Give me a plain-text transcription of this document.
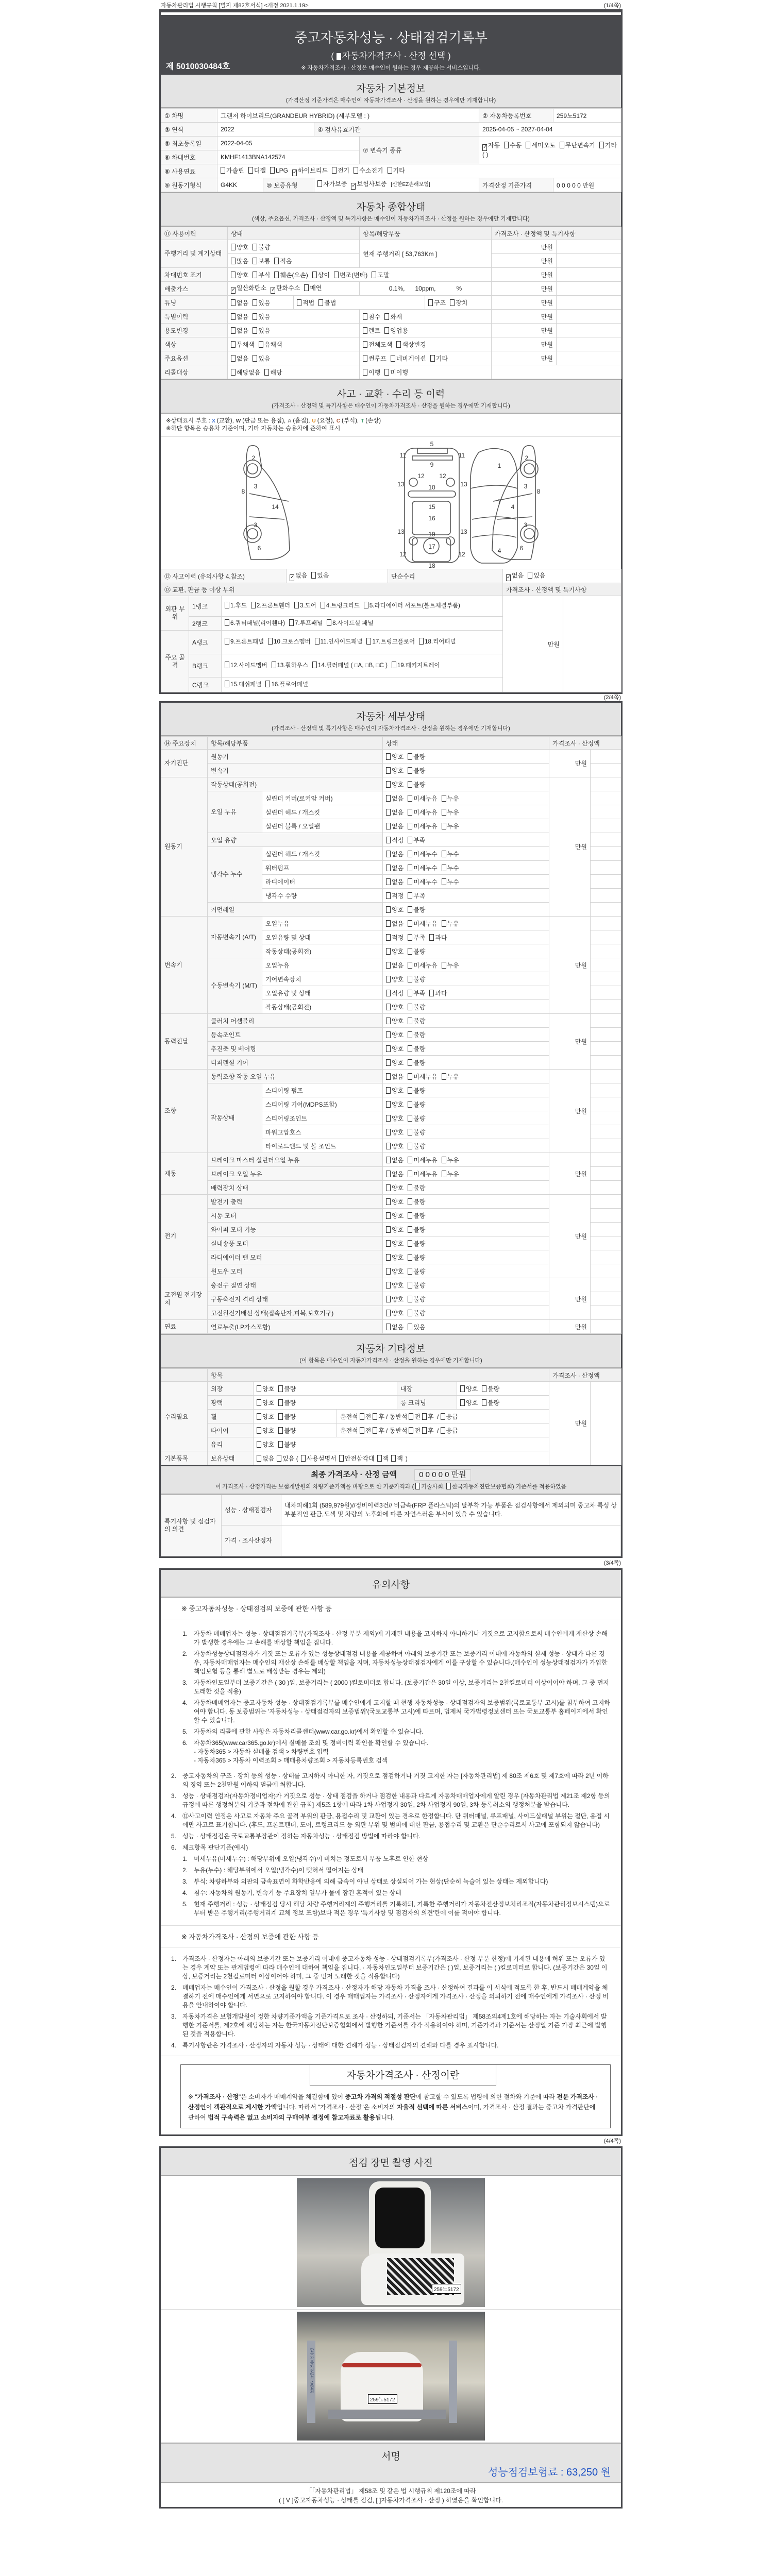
자동차관리법 시행규칙 [별지 제82호서식] <개정 2021.1.19>	(1/4쪽)
중고자동차성능 · 상태점검기록부
( 자동차가격조사 · 산정 선택 )
※ 자동차가격조사 · 산정은 매수인이 원하는 경우 제공하는 서비스입니다.
제 5010030484호
자동차 기본정보
(가격산정 기준가격은 매수인이 자동차가격조사 · 산정을 원하는 경우에만 기재합니다)
① 차명	그랜저 하이브리드(GRANDEUR HYBRID) (세부모델 : )				② 자동차등록번호	259노5172
③ 연식	2022		④ 검사유효기간		2025-04-05 ~ 2027-04-04	
⑤ 최초등록일	2022-04-05			⑦ 변속기 종류	✓자동 수동 세미오토 무단변속기 기타( )
⑥ 차대번호	KMHF1413BNA142574					
⑧ 사용연료	가솔린 디젤 LPG ✓ 하이브리드 전기 수소전기 기타
⑨ 원동기형식	G4KK	⑩ 보증유형	자가보증 ✓ 보험사보증 [신한EZ손해보험]		가격산정 기준가격	0 0 0 0 0 만원
자동차 종합상태
(색상, 주요옵션, 가격조사 · 산정액 및 특기사항은 매수인이 자동차가격조사 · 산정을 원하는 경우에만 기재합니다)
⑪ 사용이력	상태		항목/해당부품		가격조사 · 산정액 및 특기사항	
주행거리 및 계기상태	양호 불량		현재 주행거리 [ 53,763Km ]		만원	
	많음 보통 적음				만원	
차대번호 표기	양호 부식 훼손(오손) 상이 변조(변타) 도말				만원	
배출가스	✓일산화탄소 ✓ 탄화수소 매연		0.1%,      10ppm,            %		만원	
튜닝	없음 있음	적법 불법		구조 장치	만원	
특별이력	없음 있음		침수 화재		만원	
용도변경	없음 있음		렌트 영업용		만원	
색상	무채색 유채색		전체도색 색상변경		만원	
주요옵션	없음 있음		썬루프 네비게이션 기타		만원	
리콜대상	해당없음 해당		이행 미이행			
사고 · 교환 · 수리 등 이력
(가격조사 · 산정액 및 특기사항은 매수인이 자동차가격조사 · 산정을 원하는 경우에만 기재합니다)
※상태표시 부호 : X (교환), W (판금 또는 용접), A (흠집), U (요철), C (부식), T (손상)
※하단 항목은 승용차 기준이며, 기타 자동차는 승용차에 준하여 표시
1
2	2
3
3
3
3
4
4
5
6	6
7
8	8
9
10
11	11
12 12
12	12
13	13
13	13
14	15
16
17
18
19
⑫ 사고이력 (유의사항 4.참조)	✓없음 있음	단순수리	✓없음 있음
⑬ 교환, 판금 등 이상 부위					가격조사 · 산정액 및 특기사항	
외판 부위	1랭크	1.후드 2.프론트휀더 3.도어 4.트렁크리드 5.라디에이터 서포트(볼트체결부품)			만원	
	2랭크	6.쿼터패널(리어휀다) 7.루프패널 8.사이드실 패널				
주요 골격	A랭크	9.프론트패널 10.크로스멤버 11.인사이드패널 17.트렁크플로어 18.리어패널				
	B랭크	12.사이드멤버 13.휠하우스 14.필러패널 ( □A, □B, □C ) 19.패키지트레이				
	C랭크	15.대쉬패널 16.플로어패널				
(2/4쪽)
자동차 세부상태
(가격조사 · 산정액 및 특기사항은 매수인이 자동차가격조사 · 산정을 원하는 경우에만 기재합니다)
⑭ 주요장치	항목/해당부품		상태	가격조사 · 산정액	
자기진단	원동기		양호 불량	만원	
	변속기		양호 불량		
원동기	작동상태(공회전)		양호 불량	만원	
	오일 누유	실린더 커버(로커암 커버)	없음 미세누유 누유		
		실린더 헤드 / 개스킷	없음 미세누유 누유		
		실린더 블록 / 오일팬	없음 미세누유 누유		
	오일 유량		적정 부족		
	냉각수 누수	실린더 헤드 / 개스킷	없음 미세누수 누수		
		워터펌프	없음 미세누수 누수		
		라디에이터	없음 미세누수 누수		
		냉각수 수량	적정 부족		
	커먼레일		양호 불량		
변속기	자동변속기 (A/T)	오일누유	없음 미세누유 누유	만원	
		오일유량 및 상태	적정 부족 과다		
		작동상태(공회전)	양호 불량		
	수동변속기 (M/T)	오일누유	없음 미세누유 누유		
		기어변속장치	양호 불량		
		오일유량 및 상태	적정 부족 과다		
		작동상태(공회전)	양호 불량		
동력전달	클러치 어셈블리		양호 불량	만원	
	등속조인트		양호 불량		
	추진축 및 베어링		양호 불량		
	디퍼렌셜 기어		양호 불량		
조향	동력조향 작동 오일 누유		없음 미세누유 누유	만원	
	작동상태	스티어링 펌프	양호 불량		
		스티어링 기어(MDPS포함)	양호 불량		
		스티어링조인트	양호 불량		
		파워고압호스	양호 불량		
		타이로드엔드 및 볼 조인트	양호 불량		
제동	브레이크 마스터 실린더오일 누유		없음 미세누유 누유	만원	
	브레이크 오일 누유		없음 미세누유 누유		
	배력장치 상태		양호 불량		
전기	발전기 출력		양호 불량	만원	
	시동 모터		양호 불량		
	와이퍼 모터 기능		양호 불량		
	실내송풍 모터		양호 불량		
	라디에이터 팬 모터		양호 불량		
	윈도우 모터		양호 불량		
고전원 전기장치	충전구 절연 상태		양호 불량	만원	
	구동축전지 격리 상태		양호 불량		
	고전원전기배선 상태(접속단자,피복,보호기구)		양호 불량		
연료	연료누출(LP가스포함)		없음 있음	만원	
자동차 기타정보
(이 항목은 매수인이 자동차가격조사 · 산정을 원하는 경우에만 기재합니다)
	항목					가격조사 · 산정액	
수리필요	외장	양호 불량		내장	양호 불량	만원	
	광택	양호 불량		룸 크리닝	양호 불량		
	휠	양호 불량	운전석 전 후 / 동반석 전 후 / 응급				
	타이어	양호 불량	운전석 전 후 / 동반석 전 후 / 응급				
	유리	양호 불량					
기본품목	보유상태	없음 있음 ( 사용설명서 안전삼각대 잭 잭 )					
최종 가격조사 · 산정 금액	0 0 0 0 0 만원
이 가격조사 · 산정가격은 보험개발원의 차량기준가액을 바탕으로 한 기준가격과 ( 기술사회, 한국자동차진단보증협회) 기준서를 적용하였음
특기사항 및 점검자의 의견	성능 · 상태점검자	내차피해1회 (589,979원)//정비이력3건// 비금속(FRP 플라스틱)의 탈부착 가능 부품은 점검사항에서 제외되며 중고차 특성 상 부분적인 판금,도색 및 차량의 노후화에 따른 자연스러운 부식이 있을 수 있습니다.
	가격 · 조사산정자	
(3/4쪽)
유의사항
※ 중고자동차성능 · 상태점검의 보증에 관한 사항 등
1. 자동차 매매업자는 성능 · 상태점검기록부(가격조사 · 산정 부분 제외)에 기재된 내용을 고지하지 아니하거나 거짓으로 고지함으로써 매수인에게 재산상 손해가 발생한 경우에는 그 손해를 배상할 책임을 집니다.
2. 자동차성능상태점검자가 거짓 또는 오류가 있는 성능상태점검 내용을 제공하여 아래의 보증기간 또는 보증거리 이내에 자동차의 실제 성능 · 상태가 다른 경우, 자동차매매업자는 매수인의 재산상 손해를 배상할 책임을 지며, 자동차성능상태점검자에게 이를 구상할 수 있습니다.(매수인이 성능상태점검자가 가입한 책임보험 등을 통해 별도로 배상받는 경우는 제외)
3. 자동차인도일부터 보증기간은 ( 30 )일, 보증거리는 ( 2000 )킬로미터로 합니다. (보증기간은 30일 이상, 보증거리는 2천킬로미터 이상이어야 하며, 그 중 먼저 도래한 것을 적용)
4. 자동차매매업자는 중고자동차 성능 · 상태점검기록부를 매수인에게 고지할 때 현행 자동차성능 · 상태점검자의 보증범위(국토교통부 고시)를 첨부하여 고지하여야 합니다. 동 보증범위는 '자동차성능 · 상태점검자의 보증범위'(국토교통부 고시)에 따르며, 법제처 국가법령정보센터 또는 국토교통부 홈페이지에서 확인할 수 있습니다.
5. 자동차의 리콜에 관한 사항은 자동차리콜센터(www.car.go.kr)에서 확인할 수 있습니다.
6. 자동차365(www.car365.go.kr)에서 실매물 조회 및 정비이력 확인을 확인할 수 있습니다.
- 자동차365 > 자동차 실매물 검색 > 차량번호 입력
- 자동차365 > 자동차 이력조회 > 매매용차량조회 > 자동차등록번호 검색
2. 중고자동차의 구조 · 장치 등의 성능 · 상태를 고지하지 아니한 자, 거짓으로 점검하거나 거짓 고지한 자는 [자동차관리법] 제 80조 제6호 및 제7호에 따라 2년 이하의 징역 또는 2천만원 이하의 벌금에 처합니다.
3. 성능 · 상태점검자(자동차정비업자)가 거짓으로 성능 · 상태 점검을 하거나 점검한 내용과 다르게 자동차매매업자에게 알린 경우 [자동차관리법 제21조 제2항 등의 규정에 따른 행정처분의 기준과 절차에 관한 규칙] 제5조 1항에 따라 1차 사업정지 30일, 2차 사업정지 90일, 3차 등록취소의 행정처분을 받습니다.
4. ⑫사고이력 인정은 사고로 자동차 주요 골격 부위의 판금, 용접수리 및 교환이 있는 경우로 한정합니다. 단 쿼터패널, 루프패널, 사이드실패널 부위는 절단, 용접 시에만 사고로 표기합니다. (후드, 프론트펜더, 도어, 트렁크리드 등 외판 부위 및 범퍼에 대한 판금, 용접수리 및 교환은 단순수리로서 사고에 포함되지 않습니다)
5. 성능 · 상태점검은 국토교통부장관이 정하는 자동차성능 · 상태점검 방법에 따라야 합니다.
6. 체크항목 판단기준(예시)
1. 미세누유(미세누수) : 해당부위에 오일(냉각수)이 비치는 정도로서 부품 노후로 인한 현상
2. 누유(누수) : 해당부위에서 오일(냉각수)이 맺혀서 떨어지는 상태
3. 부식: 차량하부와 외판의 금속표면이 화학반응에 의해 금속이 아닌 상태로 상실되어 가는 현상(단순히 녹슬어 있는 상태는 제외합니다)
4. 침수: 자동차의 원동기, 변속기 등 주요장치 일부가 물에 잠긴 흔적이 있는 상태
5. 현재 주행거리 : 성능 · 상태점검 당시 해당 차량 주행거리계의 주행거리를 기록하되, 기록한 주행거리가 자동차전산정보처리조직(자동차관리정보시스템)으로부터 받은 주행거리(주행거리계 교체 정보 포함)보다 적은 경우 '특기사항 및 점검자의 의견'란에 이를 적어야 합니다.
※ 자동차가격조사 · 산정의 보증에 관한 사항 등
1. 가격조사 · 산정자는 아래의 보증기간 또는 보증거리 이내에 중고자동차 성능 · 상태점검기록부(가격조사 · 산정 부분 한정)에 기재된 내용에 허위 또는 오류가 있는 경우 계약 또는 관계법령에 따라 매수인에 대하여 책임을 집니다. · 자동차인도일부터 보증기간은 ( )일, 보증거리는 ( )킬로미터로 합니다. (보증기간은 30일 이상, 보증거리는 2천킬로미터 이상이어야 하며, 그 중 먼저 도래한 것을 적용합니다)
2. 매매업자는 매수인이 가격조사 · 산정을 원할 경우 가격조사 · 산정자가 해당 자동차 가격을 조사 · 산정하여 결과를 이 서식에 적도록 한 후, 반드시 매매계약을 체결하기 전에 매수인에게 서면으로 고지하여야 합니다. 이 경우 매매업자는 가격조사 · 산정자에게 가격조사 · 산정을 의뢰하기 전에 매수인에게 가격조사 · 산정 비용을 안내하여야 합니다.
3. 자동차가격은 보험개발원이 정한 차량기준가액을 기준가격으로 조사 · 산정하되, 기준서는 「자동차관리법」 제58조의4제1호에 해당하는 자는 기술사회에서 발행한 기준서를, 제2호에 해당하는 자는 한국자동차진단보증협회에서 발행한 기준서를 각각 적용하여야 하며, 기준가격과 기준서는 산정일 기준 가장 최근에 발행된 것을 적용합니다.
4. 특기사항란은 가격조사 · 산정자의 자동차 성능 · 상태에 대한 견해가 성능 · 상태점검자의 견해와 다를 경우 표시합니다.
자동차가격조사 · 산정이란
※ "가격조사 · 산정"은 소비자가 매매계약을 체결함에 있어 중고차 가격의 적절성 판단에 참고할 수 있도록 법령에 의한 절차와 기준에 따라 전문 가격조사 · 산정인이 객관적으로 제시한 가액입니다. 따라서 "가격조사 · 산정"은 소비자의 자율적 선택에 따른 서비스이며, 가격조사 · 산정 결과는 중고차 가격판단에 관하여 법적 구속력은 없고 소비자의 구매여부 결정에 참고자료로 활용됩니다.
(4/4쪽)
점검 장면 촬영 사진
259노5172
한국자동차진단보증협회
259노5172
서명
성능점검보험료 : 63,250 원
「「자동차관리법」 제58조 및 같은 법 시행규칙 제120조에 따라
( [ V ]중고자동차성능 · 상태를 점검, [ ]자동차가격조사 · 산정 ) 하였음을 확인합니다.
